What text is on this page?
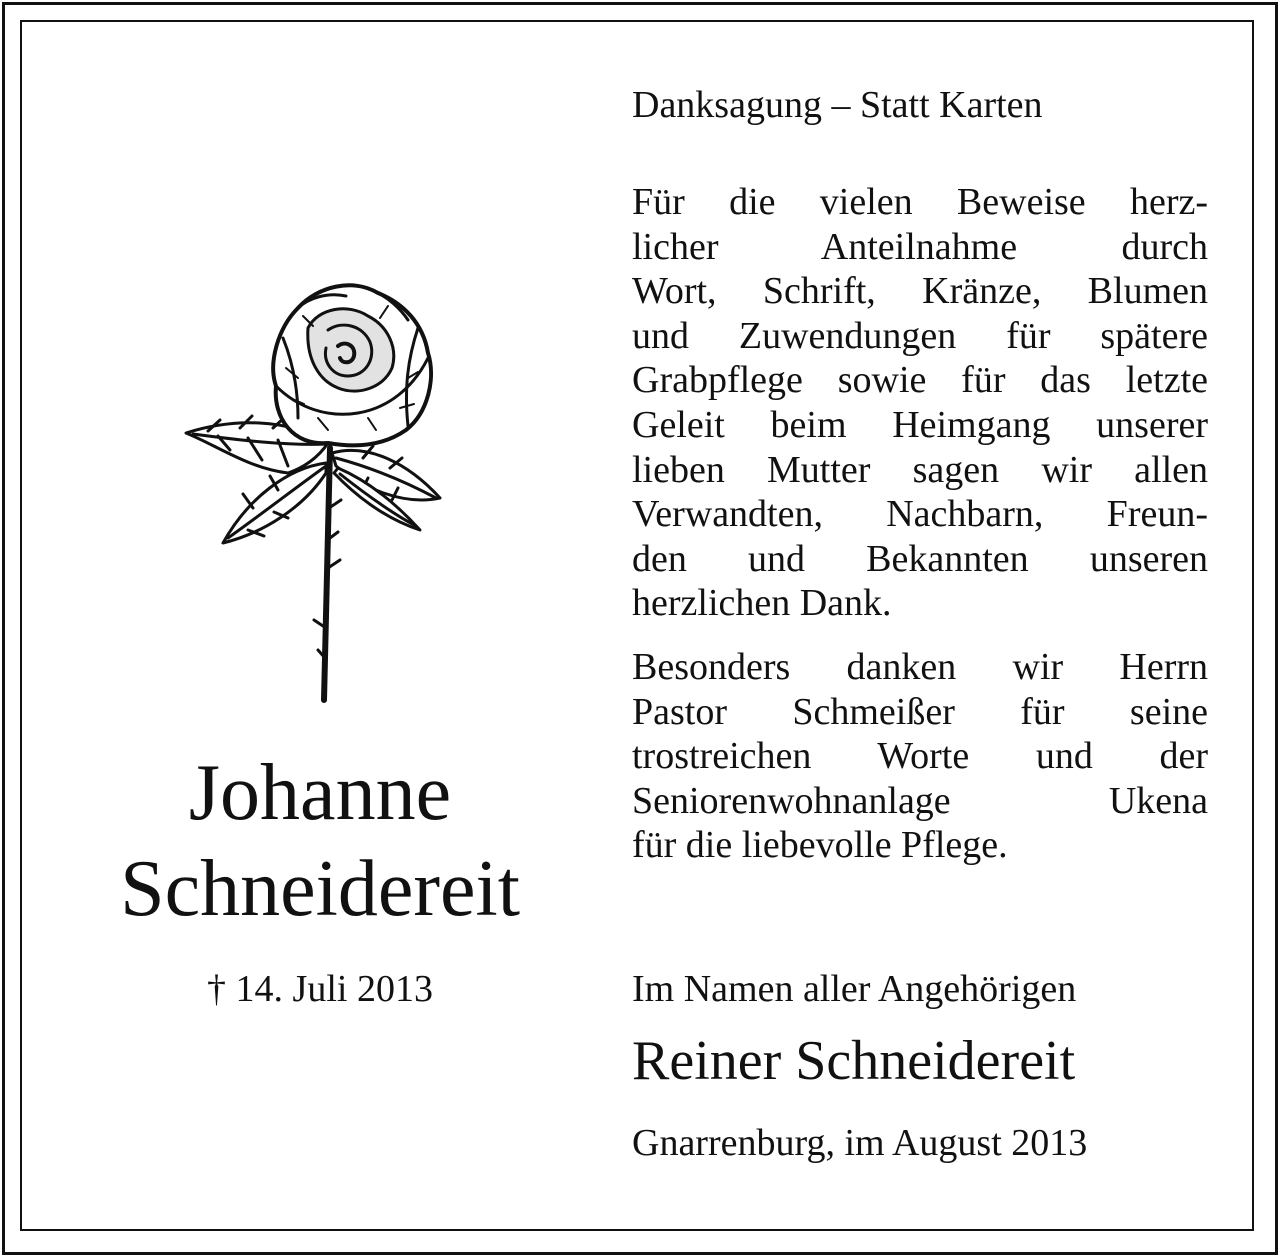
Danksagung – Statt Karten

Für die vielen Beweise herz-
licher Anteilnahme durch
Wort, Schrift, Kränze, Blumen
und Zuwendungen für spätere
Grabpflege sowie für das letzte
Geleit beim Heimgang unserer
lieben Mutter sagen wir allen
Verwandten, Nachbarn, Freun-
den und Bekannten unseren
herzlichen Dank.

Besonders danken wir Herrn
Pastor Schmeißer für seine
trostreichen Worte und der
Seniorenwohnanlage Ukena
für die liebevolle Pflege.

Johanne
Schneidereit
† 14. Juli 2013	Im Namen aller Angehörigen
Reiner Schneidereit
Gnarrenburg, im August 2013
